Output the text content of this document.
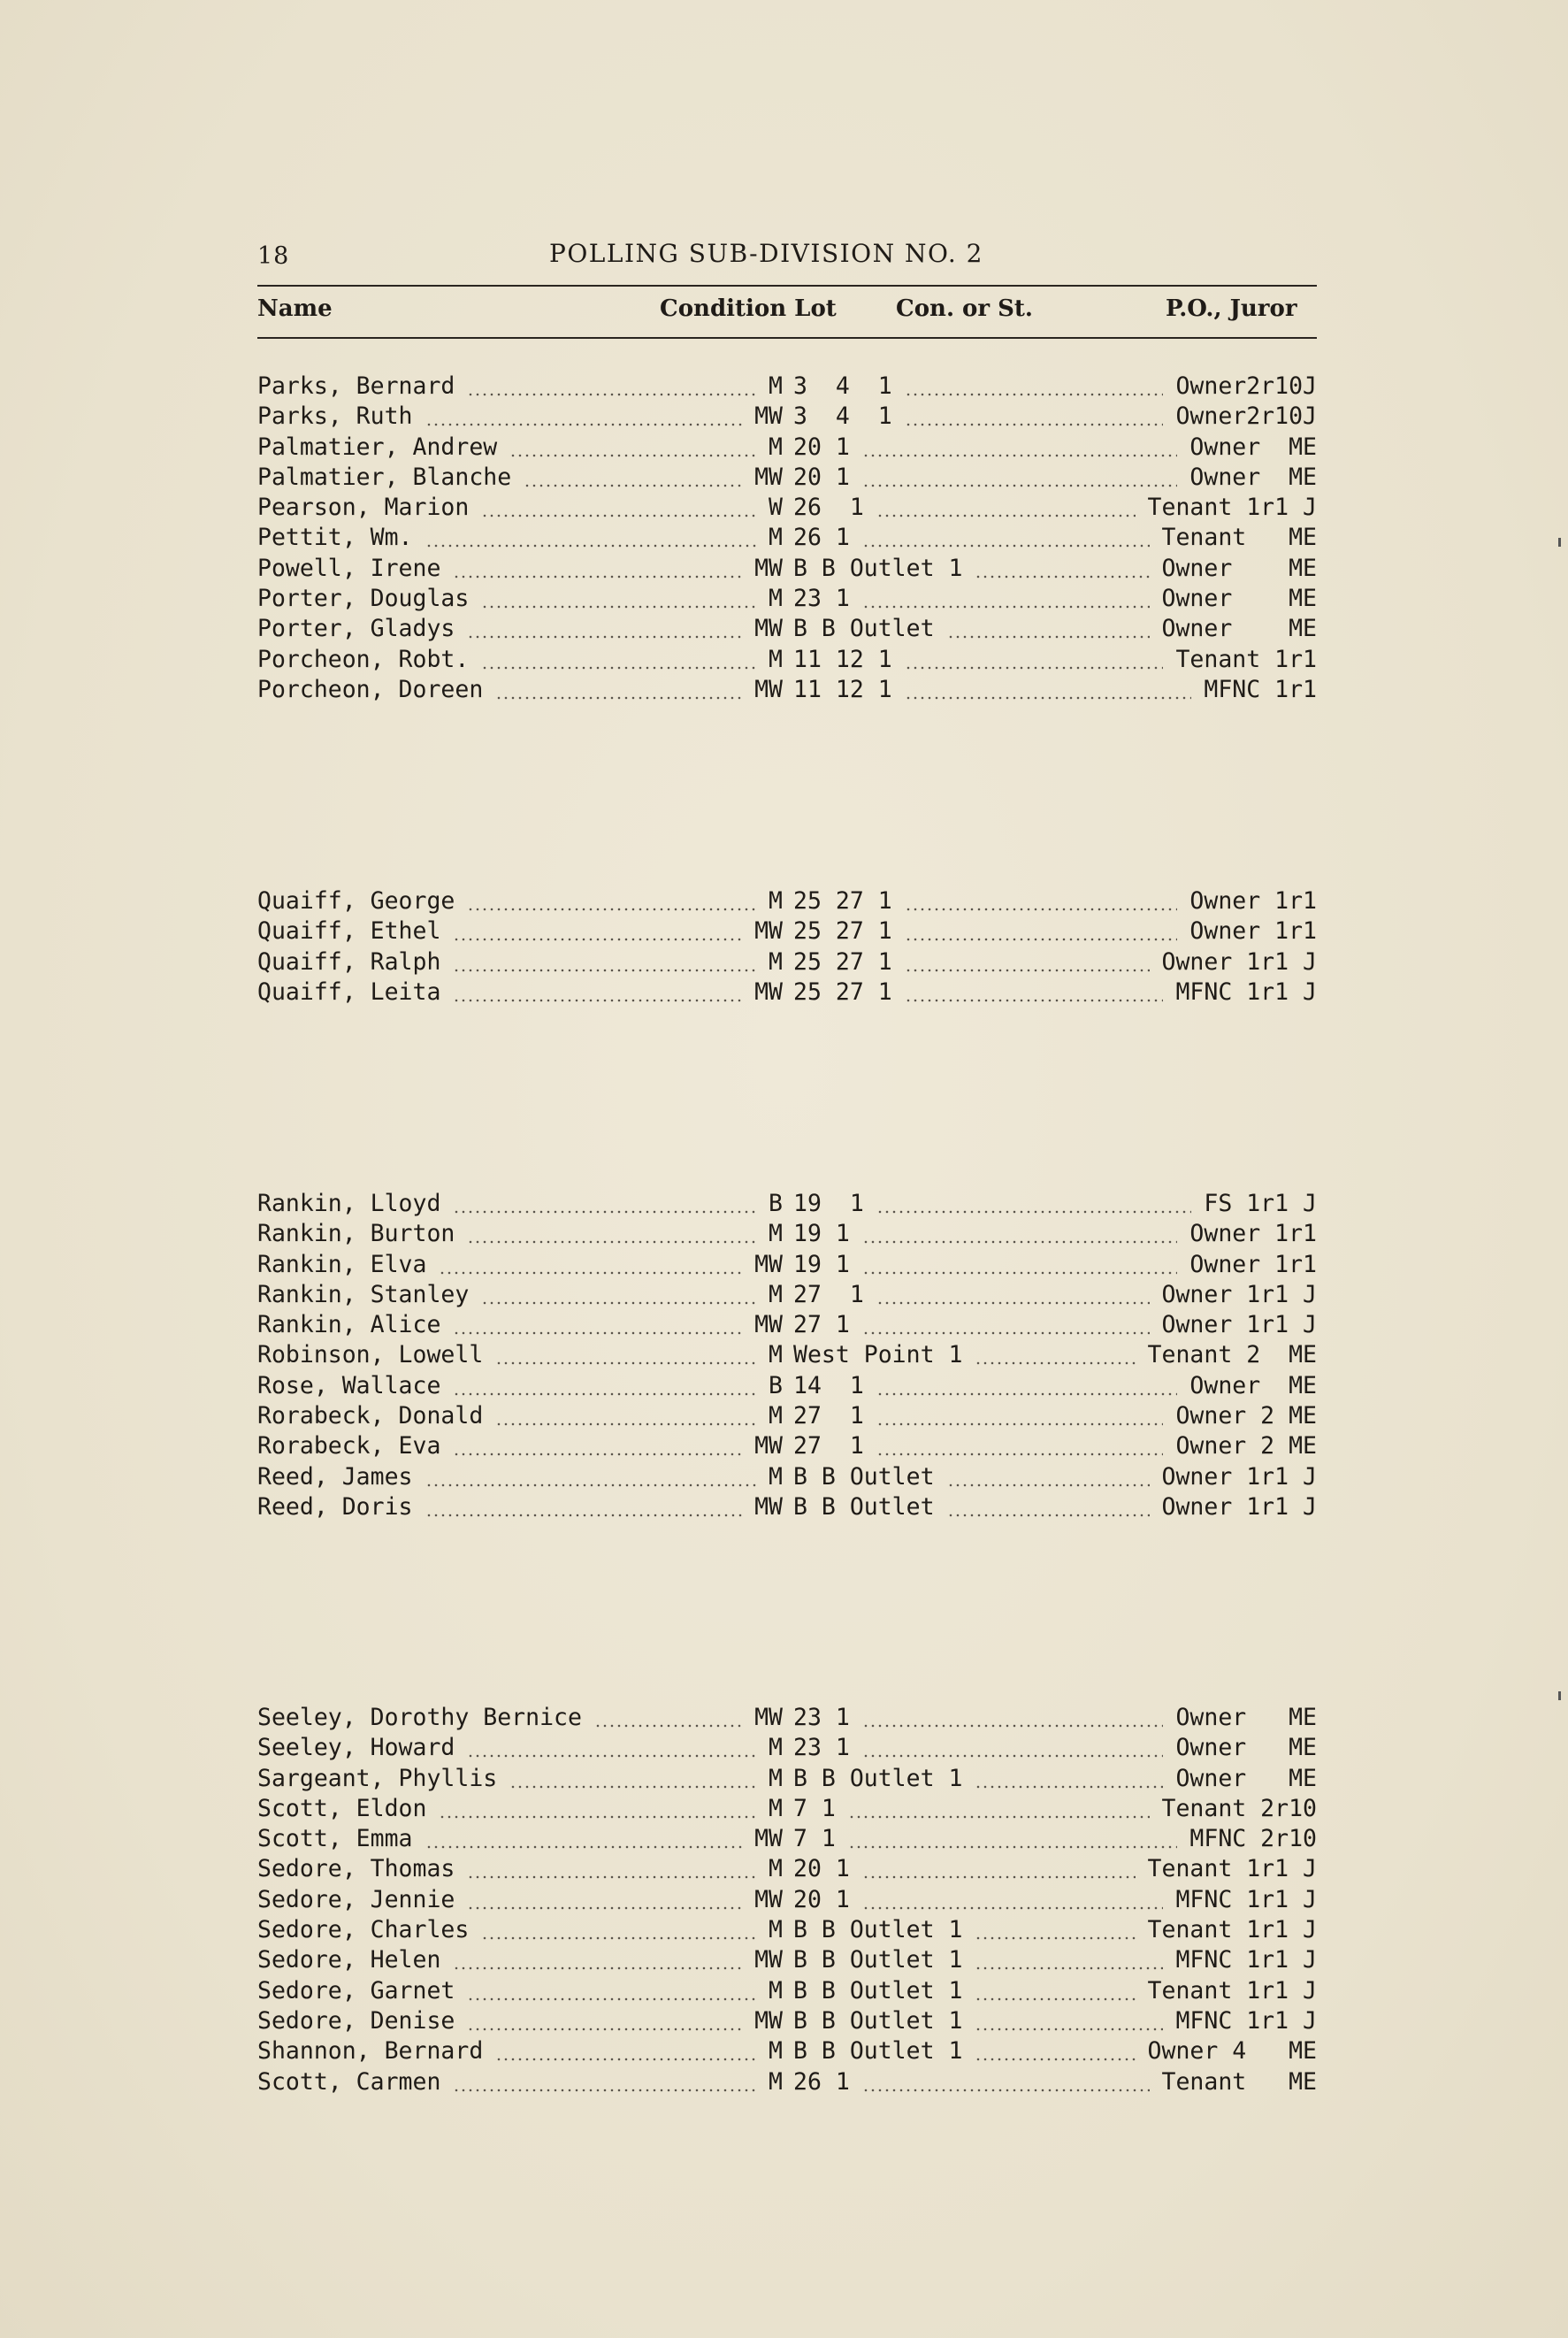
18	POLLING SUB-DIVISION NO. 2
Name	Condition Lot	Con. or St.	P.O., Juror
Parks, Bernard	M 3  4  1	Owner2r10J
Parks, Ruth	MW 3  4  1	Owner2r10J
Palmatier, Andrew	M 20 1	Owner  ME
Palmatier, Blanche	MW 20 1	Owner  ME
Pearson, Marion	W 26  1	Tenant 1r1 J
Pettit, Wm.	M 26 1	Tenant   ME
Powell, Irene	MW B B Outlet 1	Owner    ME
Porter, Douglas	M 23 1	Owner    ME
Porter, Gladys	MW B B Outlet	Owner    ME
Porcheon, Robt.	M 11 12 1	Tenant 1r1
Porcheon, Doreen	MW 11 12 1	MFNC 1r1
Quaiff, George	M 25 27 1	Owner 1r1
Quaiff, Ethel	MW 25 27 1	Owner 1r1
Quaiff, Ralph	M 25 27 1	Owner 1r1 J
Quaiff, Leita	MW 25 27 1	MFNC 1r1 J
Rankin, Lloyd	B 19  1	FS 1r1 J
Rankin, Burton	M 19 1	Owner 1r1
Rankin, Elva	MW 19 1	Owner 1r1
Rankin, Stanley	M 27  1	Owner 1r1 J
Rankin, Alice	MW 27 1	Owner 1r1 J
Robinson, Lowell	M West Point 1	Tenant 2  ME
Rose, Wallace	B 14  1	Owner  ME
Rorabeck, Donald	M 27  1	Owner 2 ME
Rorabeck, Eva	MW 27  1	Owner 2 ME
Reed, James	M B B Outlet	Owner 1r1 J
Reed, Doris	MW B B Outlet	Owner 1r1 J
Seeley, Dorothy Bernice	MW 23 1	Owner   ME
Seeley, Howard	M 23 1	Owner   ME
Sargeant, Phyllis	M B B Outlet 1	Owner   ME
Scott, Eldon	M 7 1	Tenant 2r10
Scott, Emma	MW 7 1	MFNC 2r10
Sedore, Thomas	M 20 1	Tenant 1r1 J
Sedore, Jennie	MW 20 1	MFNC 1r1 J
Sedore, Charles	M B B Outlet 1	Tenant 1r1 J
Sedore, Helen	MW B B Outlet 1	MFNC 1r1 J
Sedore, Garnet	M B B Outlet 1	Tenant 1r1 J
Sedore, Denise	MW B B Outlet 1	MFNC 1r1 J
Shannon, Bernard	M B B Outlet 1	Owner 4   ME
Scott, Carmen	M 26 1	Tenant   ME
